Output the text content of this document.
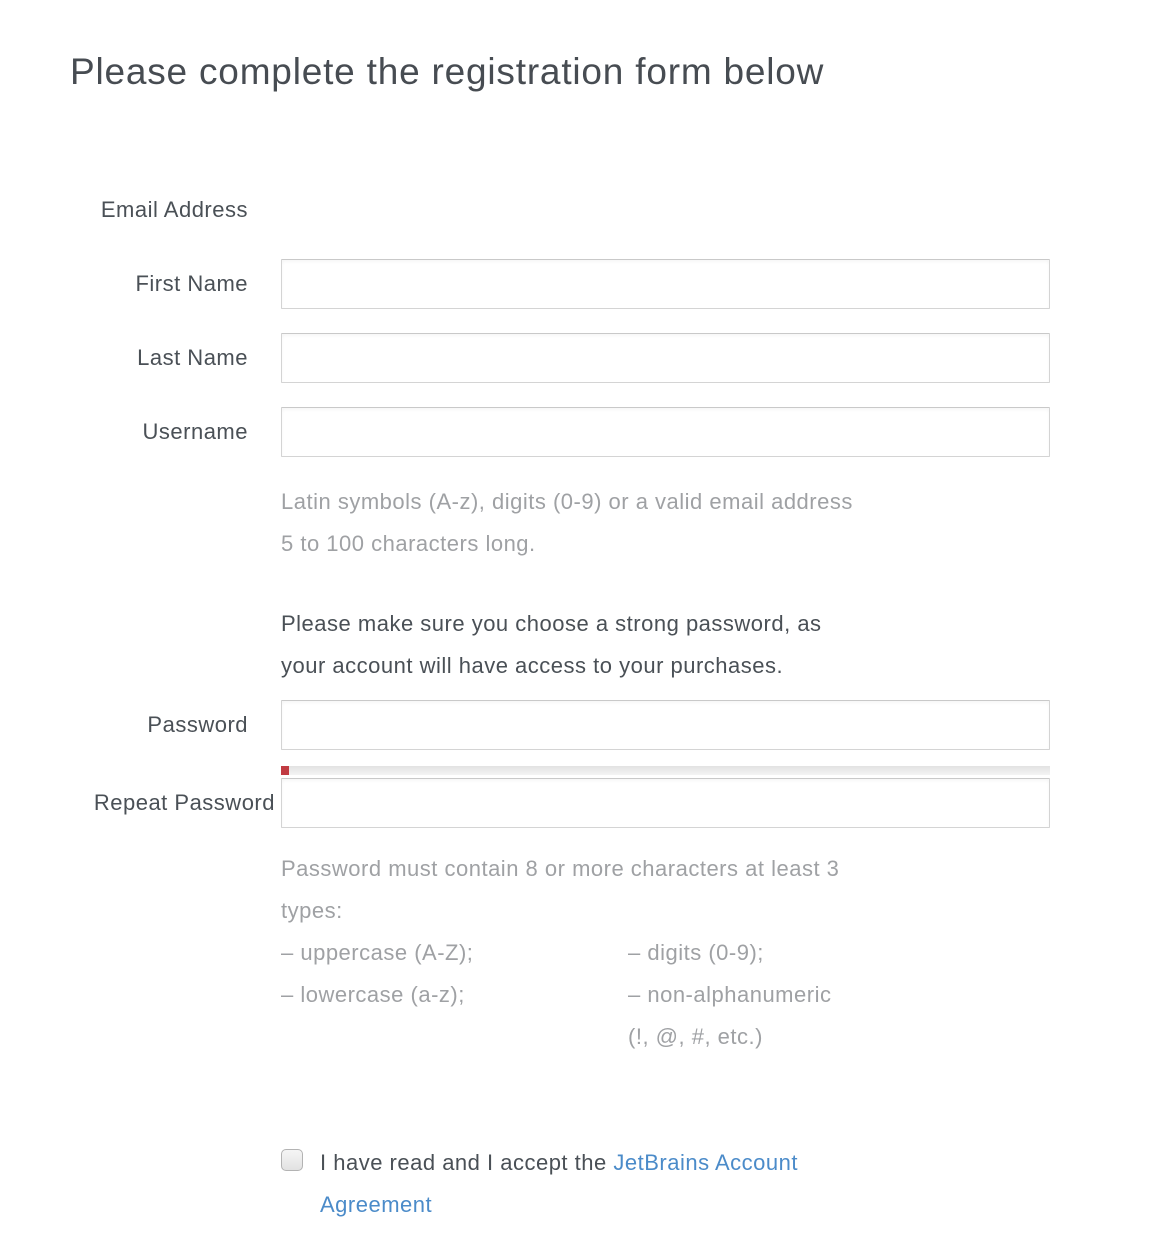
Please complete the registration form below
Email Address
First Name
Last Name
Username

Latin symbols (A-z), digits (0-9) or a valid email address 5 to 100 characters long.

Please make sure you choose a strong password, as your account will have access to your purchases.

Password
Repeat Password
Password must contain 8 or more characters at least 3 types:
– uppercase (A-Z);
– lowercase (a-z);
– digits (0-9);
– non-alphanumeric
(!, @, #, etc.)

I have read and I accept the JetBrains Account
Agreement
